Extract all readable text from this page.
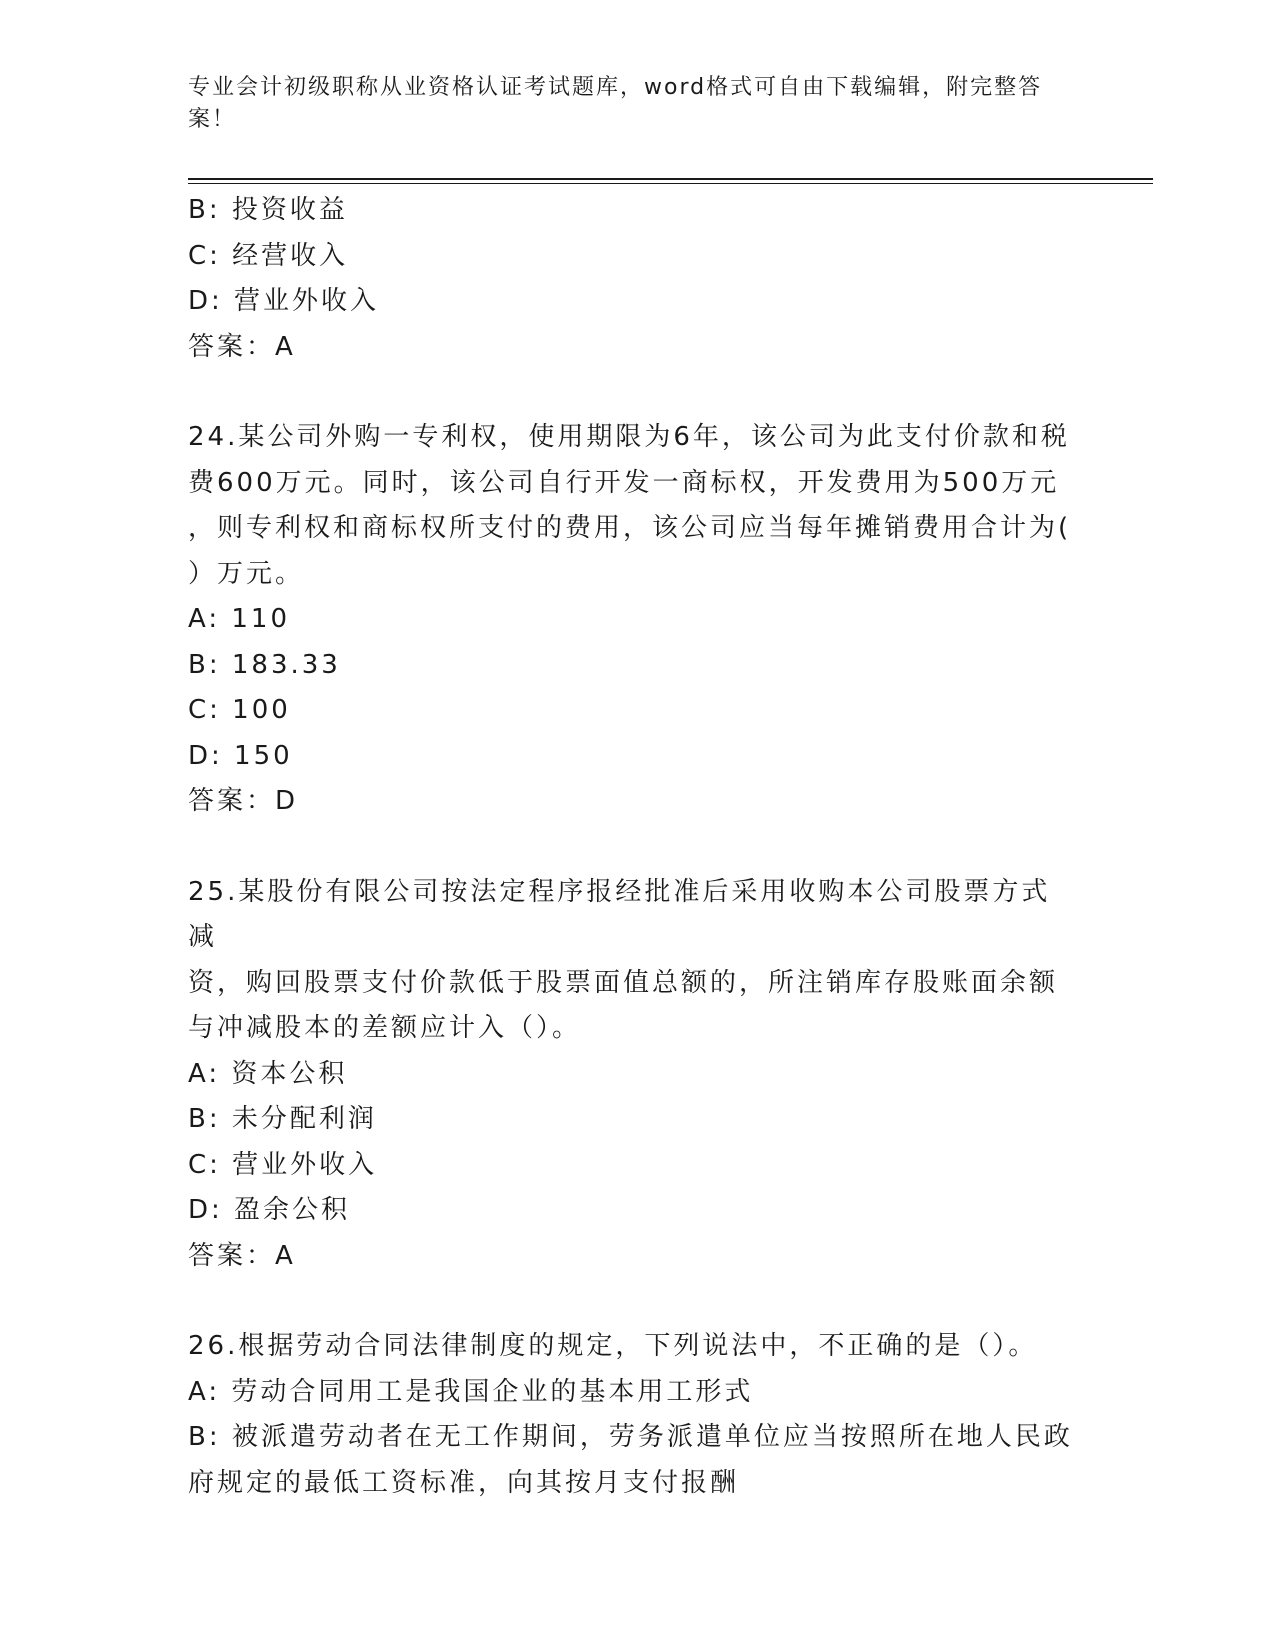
专业会计初级职称从业资格认证考试题库，word格式可自由下载编辑，附完整答案！
B: 投资收益
C: 经营收入
D: 营业外收入
答案：A
24.某公司外购一专利权，使用期限为6年，该公司为此支付价款和税
费600万元。同时，该公司自行开发一商标权，开发费用为500万元
，则专利权和商标权所支付的费用，该公司应当每年摊销费用合计为(
）万元。
A: 110
B: 183.33
C: 100
D: 150
答案：D
25.某股份有限公司按法定程序报经批准后采用收购本公司股票方式减
资，购回股票支付价款低于股票面值总额的，所注销库存股账面余额
与冲减股本的差额应计入（）。
A: 资本公积
B: 未分配利润
C: 营业外收入
D: 盈余公积
答案：A
26.根据劳动合同法律制度的规定，下列说法中，不正确的是（）。
A: 劳动合同用工是我国企业的基本用工形式
B: 被派遣劳动者在无工作期间，劳务派遣单位应当按照所在地人民政
府规定的最低工资标准，向其按月支付报酬
